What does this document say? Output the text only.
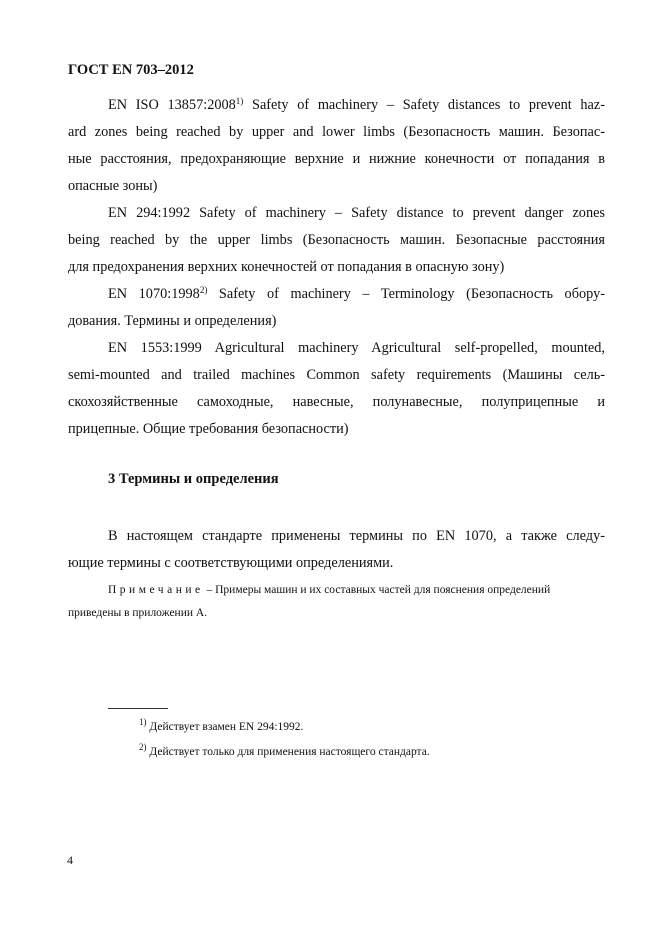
ГОСТ EN 703–2012
EN ISO 13857:2008$^{1)}$ Safety of machinery – Safety distances to prevent haz-
ard zones being reached by upper and lower limbs (Безопасность машин. Безопас-
ные расстояния, предохраняющие верхние и нижние конечности от попадания в
опасные зоны)
EN 294:1992 Safety of machinery – Safety distance to prevent danger zones
being reached by the upper limbs (Безопасность машин. Безопасные расстояния
для предохранения верхних конечностей от попадания в опасную зону)
EN 1070:1998$^{2)}$ Safety of machinery – Terminology (Безопасность обору-
дования. Термины и определения)
EN 1553:1999 Agricultural machinery Agricultural self-propelled, mounted,
semi-mounted and trailed machines Common safety requirements (Машины сель-
скохозяйственные самоходные, навесные, полунавесные, полуприцепные и
прицепные. Общие требования безопасности)
3 Термины и определения
В настоящем стандарте применены термины по EN 1070, а также следу-
ющие термины с соответствующими определениями.
Примечание – Примеры машин и их составных частей для пояснения определений
приведены в приложении А.
$^{1)}$ Действует взамен EN 294:1992.
$^{2)}$ Действует только для применения настоящего стандарта.
4
